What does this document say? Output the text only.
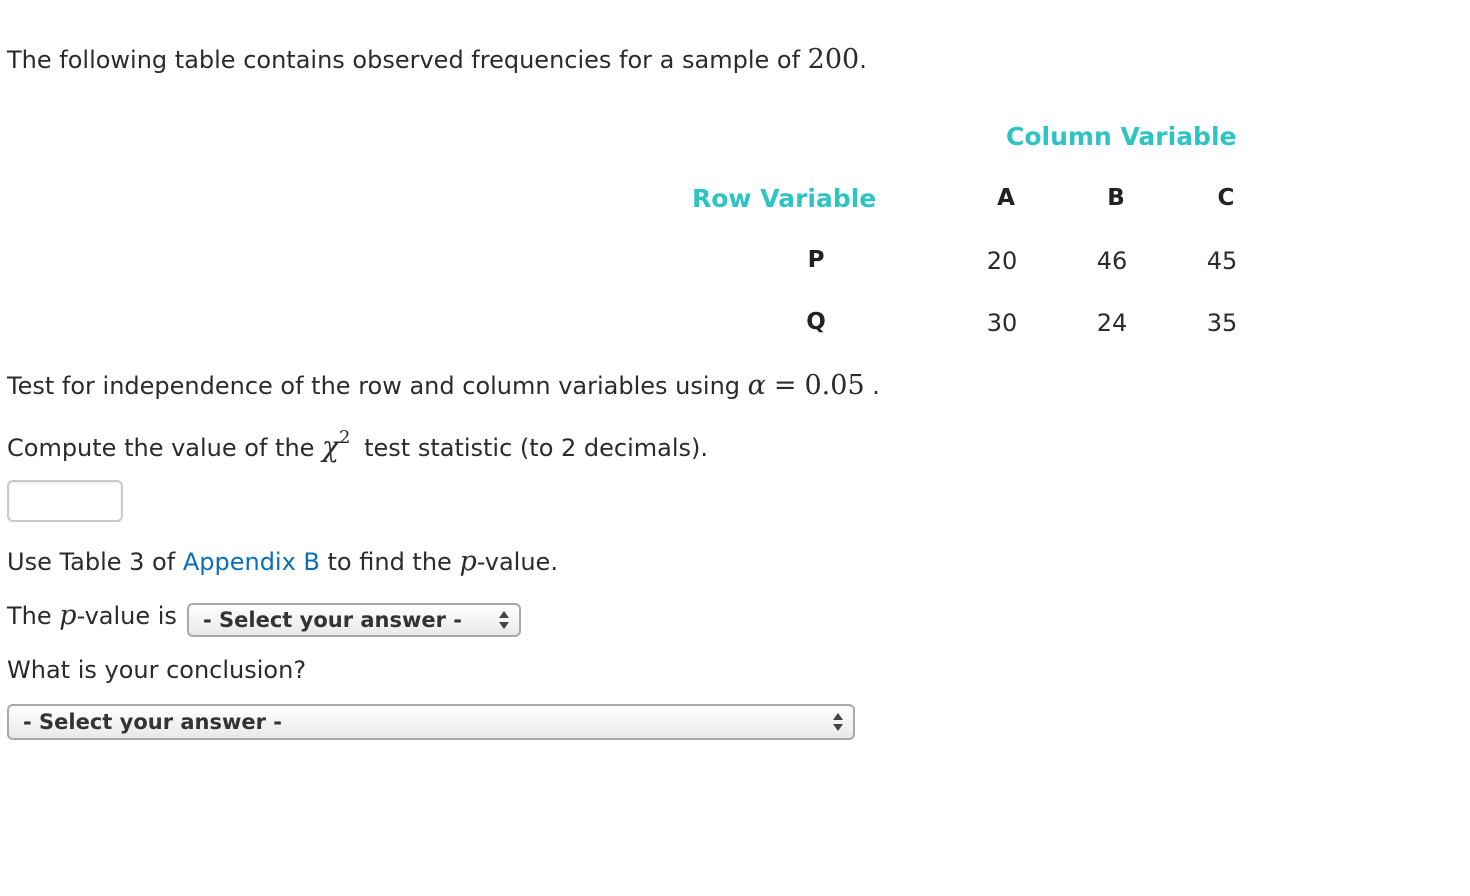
The following table contains observed frequencies for a sample of 200.
Column Variable
Row Variable	A	B	C
P	20	46	45
Q	30	24	35
Test for independence of the row and column variables using α = 0.05 .
Compute the value of the $\chi^2$ test statistic (to 2 decimals).
Use Table 3 of Appendix B to find the p-value.
The p-value is - Select your answer -
What is your conclusion?
- Select your answer -
